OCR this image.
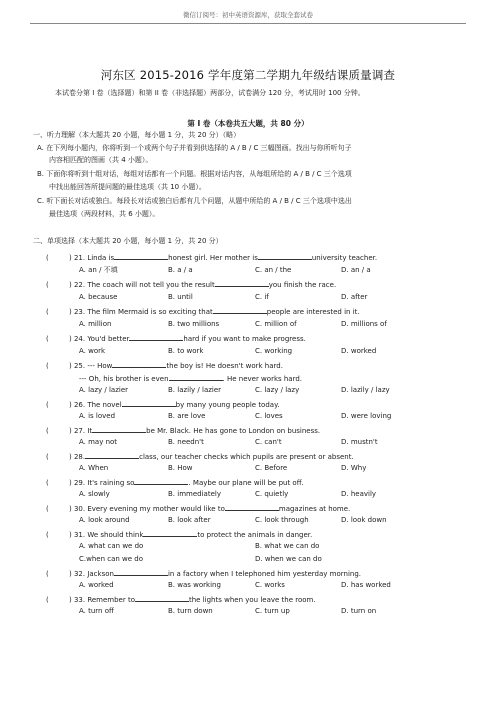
微信订阅号：初中英语资源库，获取全套试卷
河东区 2015-2016 学年度第二学期九年级结课质量调查
本试卷分第 I 卷（选择题）和第 II 卷（非选择题）两部分，试卷满分 120 分，考试用时 100 分钟。
第 I 卷（本卷共五大题，共 80 分）
一、听力理解（本大题共 20 小题，每小题 1 分，共 20 分）（略）
A. 在下列每小题内，你将听到一个或两个句子并看到供选择的 A / B / C 三幅图画。找出与你所听句子
内容相匹配的图画（共 4 小题）。
B. 下面你将听到十组对话，每组对话都有一个问题。根据对话内容，从每组所给的 A / B / C 三个选项
中找出能回答所提问题的最佳选项（共 10 小题）。
C. 听下面长对话或独白。每段长对话或独白后都有几个问题，从题中所给的 A / B / C 三个选项中选出
最佳选项（两段材料，共 6 小题）。
二、单项选择（本大题共 20 小题，每小题 1 分，共 20 分）
(	) 21. Linda is	honest girl. Her mother is	university teacher.
A. an / 不填	B. a / a	C. an / the	D. an / a
(	) 22. The coach will not tell you the result	you finish the race.
A. because	B. until	C. if	D. after
(	) 23. The film Mermaid is so exciting that	people are interested in it.
A. million	B. two millions	C. million of	D. millions of
(	) 24. You'd better	hard if you want to make progress.
A. work	B. to work	C. working	D. worked
(	) 25. --- How	the boy is! He doesn't work hard.
--- Oh, his brother is even	. He never works hard.
A. lazy / lazier	B. lazily / lazier	C. lazy / lazy	D. lazily / lazy
(	) 26. The novel	by many young people today.
A. is loved	B. are love	C. loves	D. were loving
(	) 27. It	be Mr. Black. He has gone to London on business.
A. may not	B. needn't	C. can't	D. mustn't
(	) 28.	class, our teacher checks which pupils are present or absent.
A. When	B. How	C. Before	D. Why
(	) 29. It's raining so	. Maybe our plane will be put off.
A. slowly	B. immediately	C. quietly	D. heavily
(	) 30. Every evening my mother would like to	magazines at home.
A. look around	B. look after	C. look through	D. look down
(	) 31. We should think	to protect the animals in danger.
A. what can we do	B. what we can do
C.when can we do	D. when we can do
(	) 32. Jackson	in a factory when I telephoned him yesterday morning.
A. worked	B. was working	C. works	D. has worked
(	) 33. Remember to	the lights when you leave the room.
A. turn off	B. turn down	C. turn up	D. turn on
